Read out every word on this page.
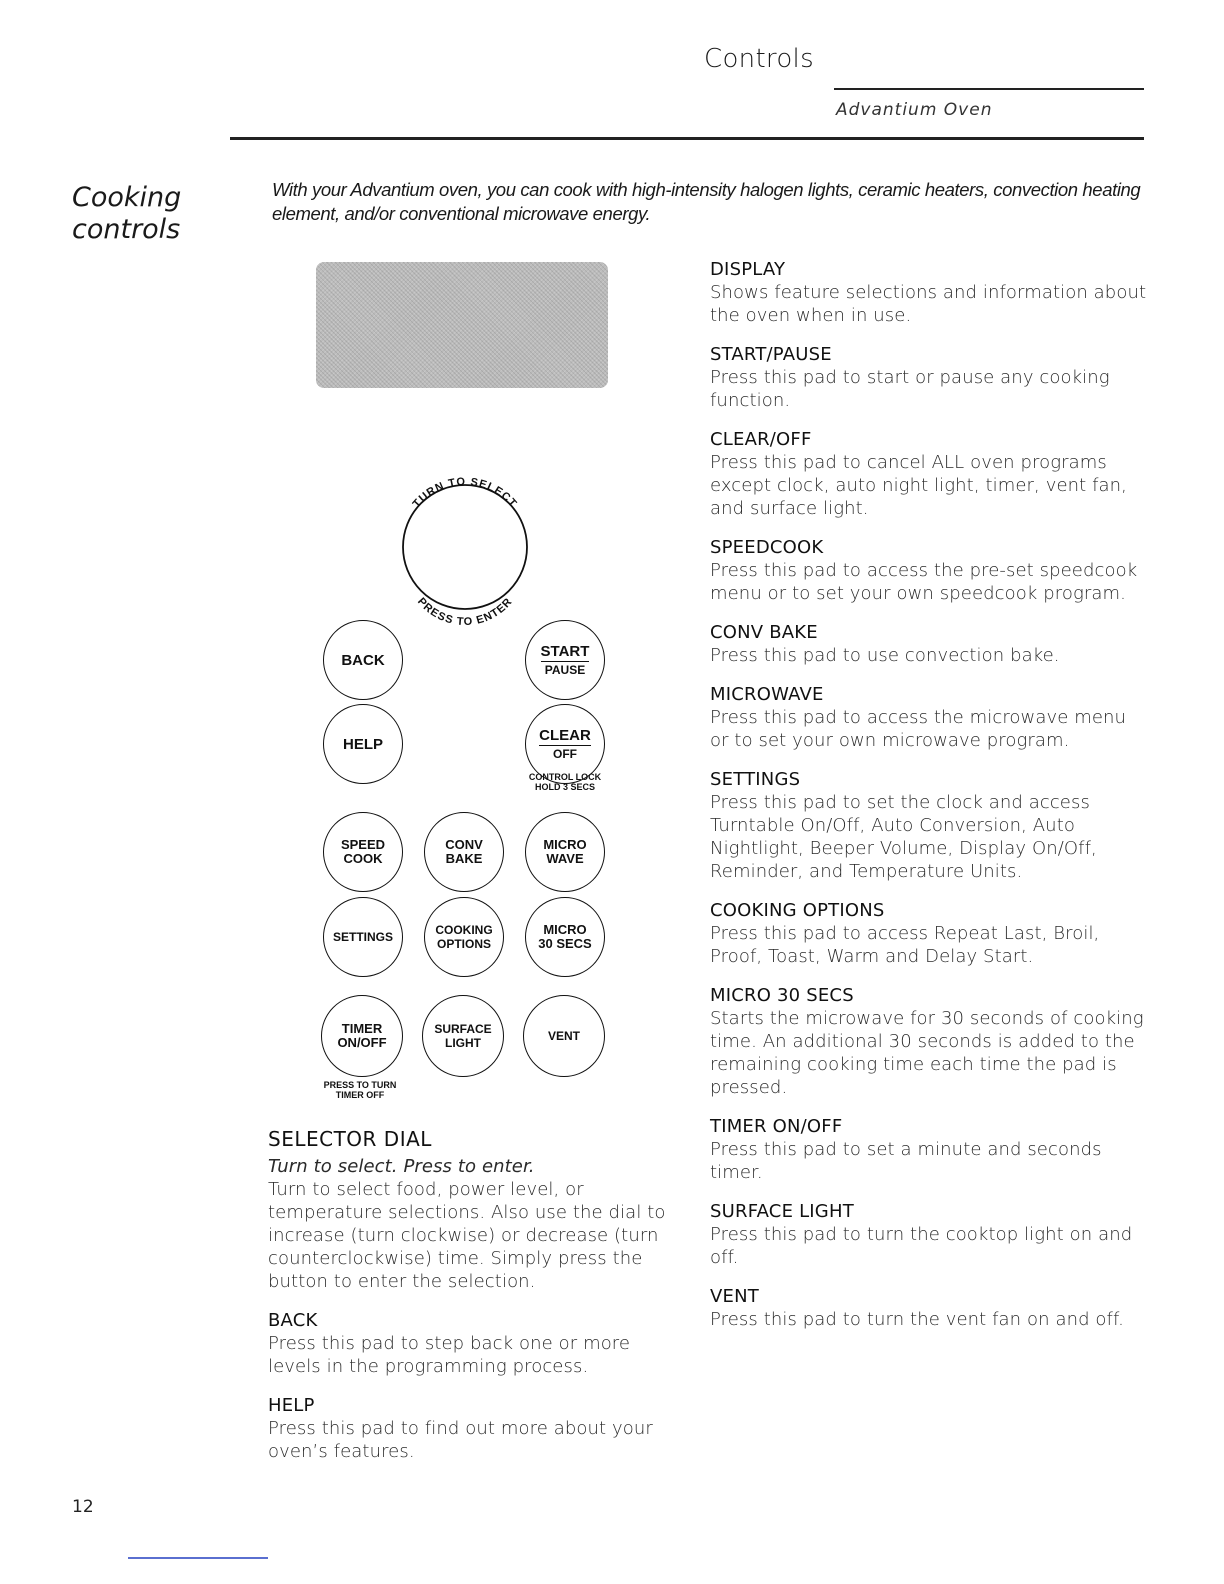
Controls
Advantium Oven
Cooking
controls
With your Advantium oven, you can cook with high-intensity halogen lights, ceramic heaters, convection heating element, and/or conventional microwave energy.
TURN TO SELECT
PRESS TO ENTER
BACK	START
PAUSE
HELP	CLEAR
OFF
CONTROL LOCK
HOLD 3 SECS
SPEED
COOK
CONV
BAKE
MICRO
WAVE
SETTINGS	COOKING
OPTIONS
MICRO
30 SECS
TIMER
ON/OFF
SURFACE
LIGHT	VENT
PRESS TO TURN
TIMER OFF
SELECTOR DIAL

Turn to select. Press to enter.

Turn to select food, power level, or temperature selections. Also use the dial to increase (turn clockwise) or decrease (turn counterclockwise) time. Simply press the button to enter the selection.

BACK

Press this pad to step back one or more levels in the programming process.

HELP

Press this pad to find out more about your oven’s features.

DISPLAY

Shows feature selections and information about the oven when in use.

START/PAUSE

Press this pad to start or pause any cooking function.

CLEAR/OFF

Press this pad to cancel ALL oven programs except clock, auto night light, timer, vent fan, and surface light.

SPEEDCOOK

Press this pad to access the pre-set speedcook menu or to set your own speedcook program.

CONV BAKE

Press this pad to use convection bake.

MICROWAVE

Press this pad to access the microwave menu or to set your own microwave program.

SETTINGS

Press this pad to set the clock and access Turntable On/Off, Auto Conversion, Auto Nightlight, Beeper Volume, Display On/Off, Reminder, and Temperature Units.

COOKING OPTIONS

Press this pad to access Repeat Last, Broil, Proof, Toast, Warm and Delay Start.

MICRO 30 SECS

Starts the microwave for 30 seconds of cooking time. An additional 30 seconds is added to the remaining cooking time each time the pad is pressed.

TIMER ON/OFF

Press this pad to set a minute and seconds timer.

SURFACE LIGHT

Press this pad to turn the cooktop light on and off.

VENT

Press this pad to turn the vent fan on and off.

12
